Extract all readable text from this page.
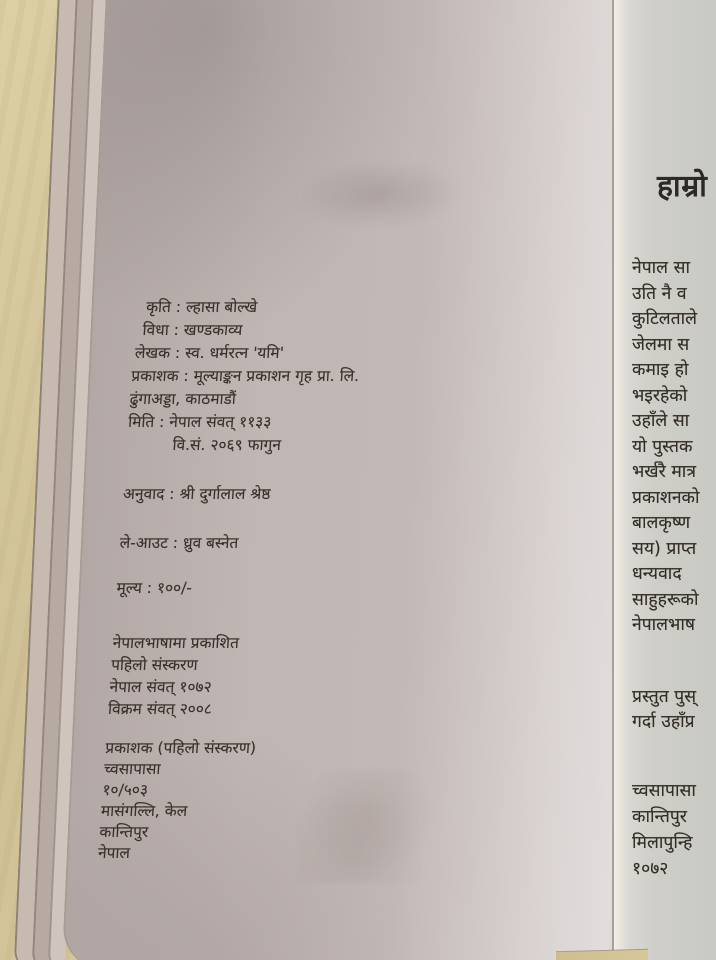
कृति : ल्हासा बोल्खे
विधा : खण्डकाव्य
लेखक : स्व. धर्मरत्न 'यमि'
प्रकाशक : मूल्याङ्कन प्रकाशन गृह प्रा. लि.
ढुंगाअड्डा, काठमाडौं
मिति : नेपाल संवत् ११३३
वि.सं. २०६९ फागुन
अनुवाद : श्री दुर्गालाल श्रेष्ठ
ले-आउट : ध्रुव बस्नेत
मूल्य : १००/-
नेपालभाषामा प्रकाशित
पहिलो संस्करण
नेपाल संवत् १०७२
विक्रम संवत् २००८
प्रकाशक (पहिलो संस्करण)
च्वसापासा
१०/५०३
मासंगल्लि, केल
कान्तिपुर
नेपाल
हाम्रो
नेपाल सा
उति नै व
कुटिलताले
जेलमा स
कमाइ हो
भइरहेको
उहाँले सा
यो पुस्तक
भर्खरै मात्र
प्रकाशनको
बालकृष्ण
सय) प्राप्त
धन्यवाद
साहुहरूको
नेपालभाष
प्रस्तुत पुस्
गर्दा उहाँप्र
च्वसापासा
कान्तिपुर
मिलापुन्हि
१०७२
